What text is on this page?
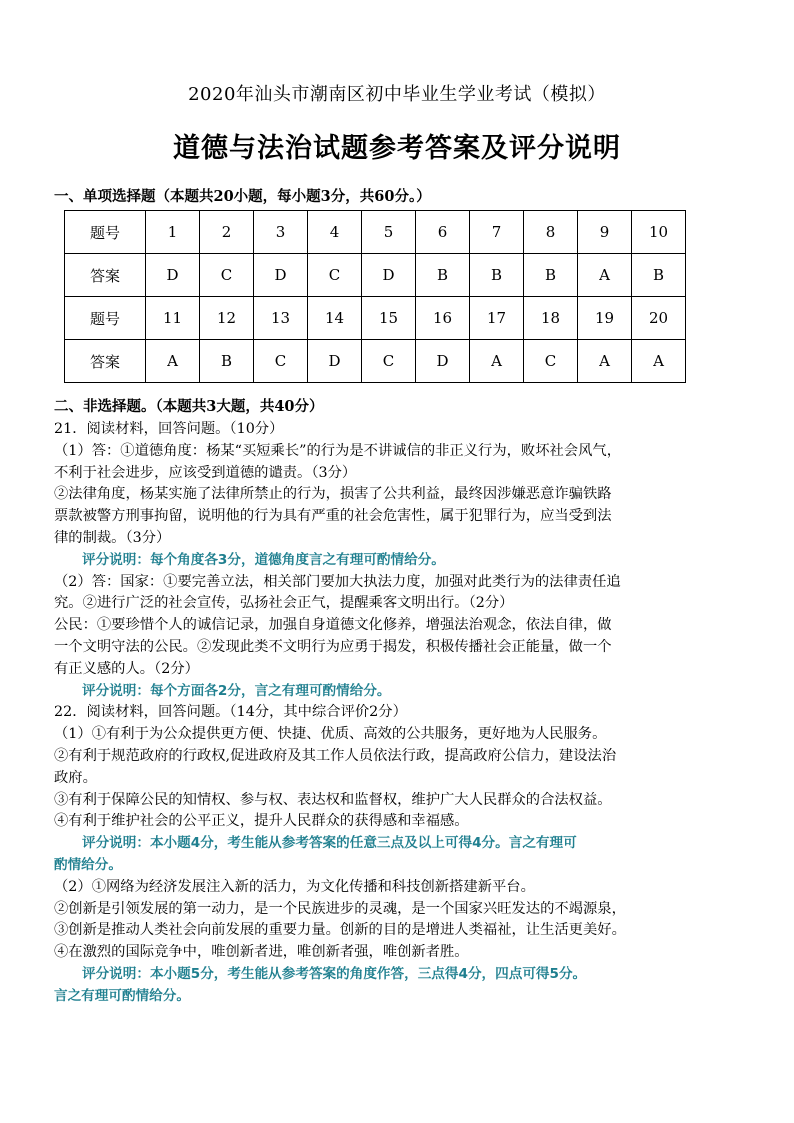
2020年汕头市潮南区初中毕业生学业考试（模拟）
道德与法治试题参考答案及评分说明
一、单项选择题（本题共20小题，每小题3分，共60分。）
题号	1	2	3	4	5	6	7	8	9	10
答案	D	C	D	C	D	B	B	B	A	B
题号	11	12	13	14	15	16	17	18	19	20
答案	A	B	C	D	C	D	A	C	A	A
二、非选择题。（本题共3大题，共40分）

21．阅读材料，回答问题。（10分）

（1）答：①道德角度：杨某“买短乘长”的行为是不讲诚信的非正义行为，败坏社会风气，

不利于社会进步，应该受到道德的谴责。（3分）

②法律角度，杨某实施了法律所禁止的行为，损害了公共利益，最终因涉嫌恶意诈骗铁路

票款被警方刑事拘留，说明他的行为具有严重的社会危害性，属于犯罪行为，应当受到法

律的制裁。（3分）

评分说明：每个角度各3分，道德角度言之有理可酌情给分。

（2）答：国家：①要完善立法，相关部门要加大执法力度，加强对此类行为的法律责任追

究。②进行广泛的社会宣传，弘扬社会正气，提醒乘客文明出行。（2分）

公民：①要珍惜个人的诚信记录，加强自身道德文化修养，增强法治观念，依法自律，做

一个文明守法的公民。②发现此类不文明行为应勇于揭发，积极传播社会正能量，做一个

有正义感的人。（2分）

评分说明：每个方面各2分，言之有理可酌情给分。

22．阅读材料，回答问题。（14分，其中综合评价2分）

（1）①有利于为公众提供更方便、快捷、优质、高效的公共服务，更好地为人民服务。

②有利于规范政府的行政权,促进政府及其工作人员依法行政，提高政府公信力，建设法治

政府。

③有利于保障公民的知情权、参与权、表达权和监督权，维护广大人民群众的合法权益。

④有利于维护社会的公平正义，提升人民群众的获得感和幸福感。

评分说明：本小题4分，考生能从参考答案的任意三点及以上可得4分。言之有理可

酌情给分。

（2）①网络为经济发展注入新的活力，为文化传播和科技创新搭建新平台。

②创新是引领发展的第一动力，是一个民族进步的灵魂，是一个国家兴旺发达的不竭源泉，

③创新是推动人类社会向前发展的重要力量。创新的目的是增进人类福祉，让生活更美好。

④在激烈的国际竞争中，唯创新者进，唯创新者强，唯创新者胜。

评分说明：本小题5分，考生能从参考答案的角度作答，三点得4分，四点可得5分。

言之有理可酌情给分。
